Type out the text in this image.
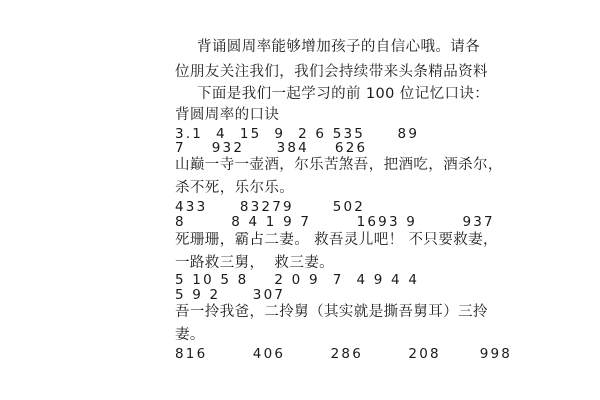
背诵圆周率能够增加孩子的自信心哦。请各
位朋友关注我们，我们会持续带来头条精品资料
下面是我们一起学习的前 100 位记忆口诀：
背圆周率的口诀
3.1  4  15  9  2 6 535     89
7    932     384    626
山巅一寺一壶酒，尔乐苦煞吾，把酒吃，酒杀尔，
杀不死，乐尔乐。
433     83279      502
8       8 4 1 9 7       1693 9       937
死珊珊，霸占二妻。 救吾灵儿吧！ 不只要救妻，
一路救三舅，  救三妻。
5 10 5 8    2 0 9  7  4 9 4 4
5 9 2     307
吾一拎我爸，二拎舅（其实就是撕吾舅耳）三拎
妻。
816       406       286       208      998
